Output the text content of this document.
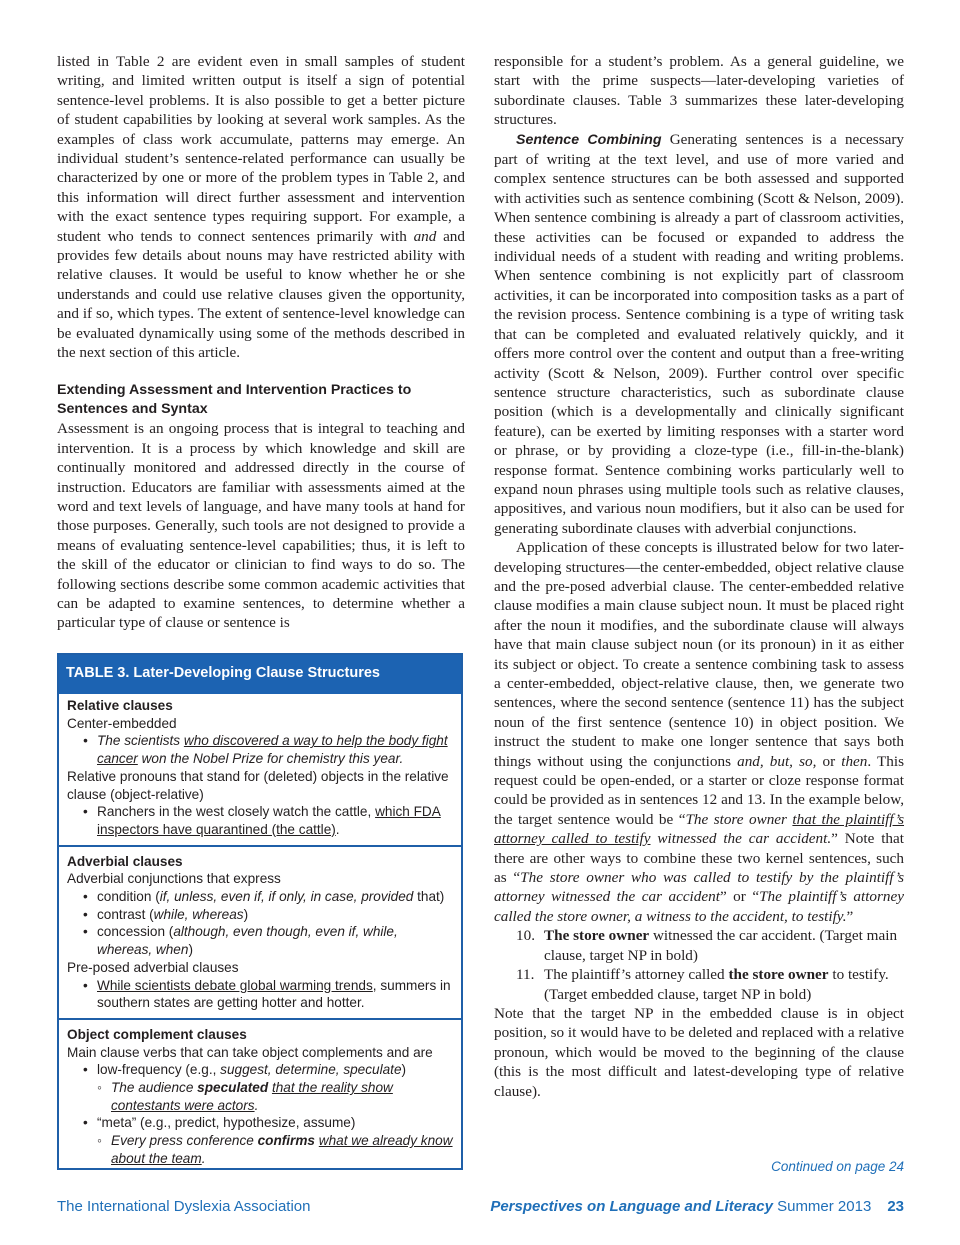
listed in Table 2 are evident even in small samples of student writing, and limited written output is itself a sign of potential sentence-level problems. It is also possible to get a better picture of student capabilities by looking at several work samples. As the examples of class work accumulate, patterns may emerge. An individual student’s sentence-related performance can usually be characterized by one or more of the problem types in Table 2, and this information will direct further assessment and intervention with the exact sentence types requiring support. For example, a student who tends to connect sentences primarily with and and provides few details about nouns may have restricted ability with relative clauses. It would be useful to know whether he or she understands and could use relative clauses given the opportunity, and if so, which types. The extent of sentence-level knowledge can be evaluated dynamically using some of the methods described in the next section of this article.

Extending Assessment and Intervention Practices to Sentences and Syntax

Assessment is an ongoing process that is integral to teaching and intervention. It is a process by which knowledge and skill are continually monitored and addressed directly in the course of instruction. Educators are familiar with assessments aimed at the word and text levels of language, and have many tools at hand for those purposes. Generally, such tools are not designed to provide a means of evaluating sentence-level capabilities; thus, it is left to the skill of the educator or clinician to find ways to do so. The following sections describe some common academic activities that can be adapted to examine sentences, to determine whether a particular type of clause or sentence is

TABLE 3. Later-Developing Clause Structures
Relative clauses
Center-embedded
• The scientists who discovered a way to help the body fight cancer won the Nobel Prize for chemistry this year.
Relative pronouns that stand for (deleted) objects in the relative clause (object-relative)
• Ranchers in the west closely watch the cattle, which FDA inspectors have quarantined (the cattle).
Adverbial clauses
Adverbial conjunctions that express
• condition (if, unless, even if, if only, in case, provided that)
• contrast (while, whereas)
• concession (although, even though, even if, while, whereas, when)
Pre-posed adverbial clauses
• While scientists debate global warming trends, summers in southern states are getting hotter and hotter.
Object complement clauses
Main clause verbs that can take object complements and are
• low-frequency (e.g., suggest, determine, speculate)
◦ The audience speculated that the reality show contestants were actors.
• “meta” (e.g., predict, hypothesize, assume)
◦ Every press conference confirms what we already know about the team.

responsible for a student’s problem. As a general guideline, we start with the prime suspects—later-developing varieties of subordinate clauses. Table 3 summarizes these later-developing structures.

Sentence Combining Generating sentences is a necessary part of writing at the text level, and use of more varied and complex sentence structures can be both assessed and supported with activities such as sentence combining (Scott & Nelson, 2009). When sentence combining is already a part of classroom activities, these activities can be focused or expanded to address the individual needs of a student with reading and writing problems. When sentence combining is not explicitly part of classroom activities, it can be incorporated into composition tasks as a part of the revision process. Sentence combining is a type of writing task that can be completed and evaluated relatively quickly, and it offers more control over the content and output than a free-writing activity (Scott & Nelson, 2009). Further control over specific sentence structure characteristics, such as subordinate clause position (which is a developmentally and clinically significant feature), can be exerted by limiting responses with a starter word or phrase, or by providing a cloze-type (i.e., fill-in-the-blank) response format. Sentence combining works particularly well to expand noun phrases using multiple tools such as relative clauses, appositives, and various noun modifiers, but it also can be used for generating subordinate clauses with adverbial conjunctions.

Application of these concepts is illustrated below for two later-developing structures—the center-embedded, object relative clause and the pre-posed adverbial clause. The center-embedded relative clause modifies a main clause subject noun. It must be placed right after the noun it modifies, and the subordinate clause will always have that main clause subject noun (or its pronoun) in it as either its subject or object. To create a sentence combining task to assess a center-embedded, object-relative clause, then, we generate two sentences, where the second sentence (sentence 11) has the subject noun of the first sentence (sentence 10) in object position. We instruct the student to make one longer sentence that says both things without using the conjunctions and, but, so, or then. This request could be open-ended, or a starter or cloze response format could be provided as in sentences 12 and 13. In the example below, the target sentence would be “The store owner that the plaintiff’s attorney called to testify witnessed the car accident.” Note that there are other ways to combine these two kernel sentences, such as “The store owner who was called to testify by the plaintiff’s attorney witnessed the car accident” or “The plaintiff’s attorney called the store owner, a witness to the accident, to testify.”

10. The store owner witnessed the car accident. (Target main clause, target NP in bold)
11. The plaintiff’s attorney called the store owner to testify. (Target embedded clause, target NP in bold)

Note that the target NP in the embedded clause is in object position, so it would have to be deleted and replaced with a relative pronoun, which would be moved to the beginning of the clause (this is the most difficult and latest-developing type of relative clause).

Continued on page 24
The International Dyslexia Association	Perspectives on Language and Literacy Summer 2013 23
